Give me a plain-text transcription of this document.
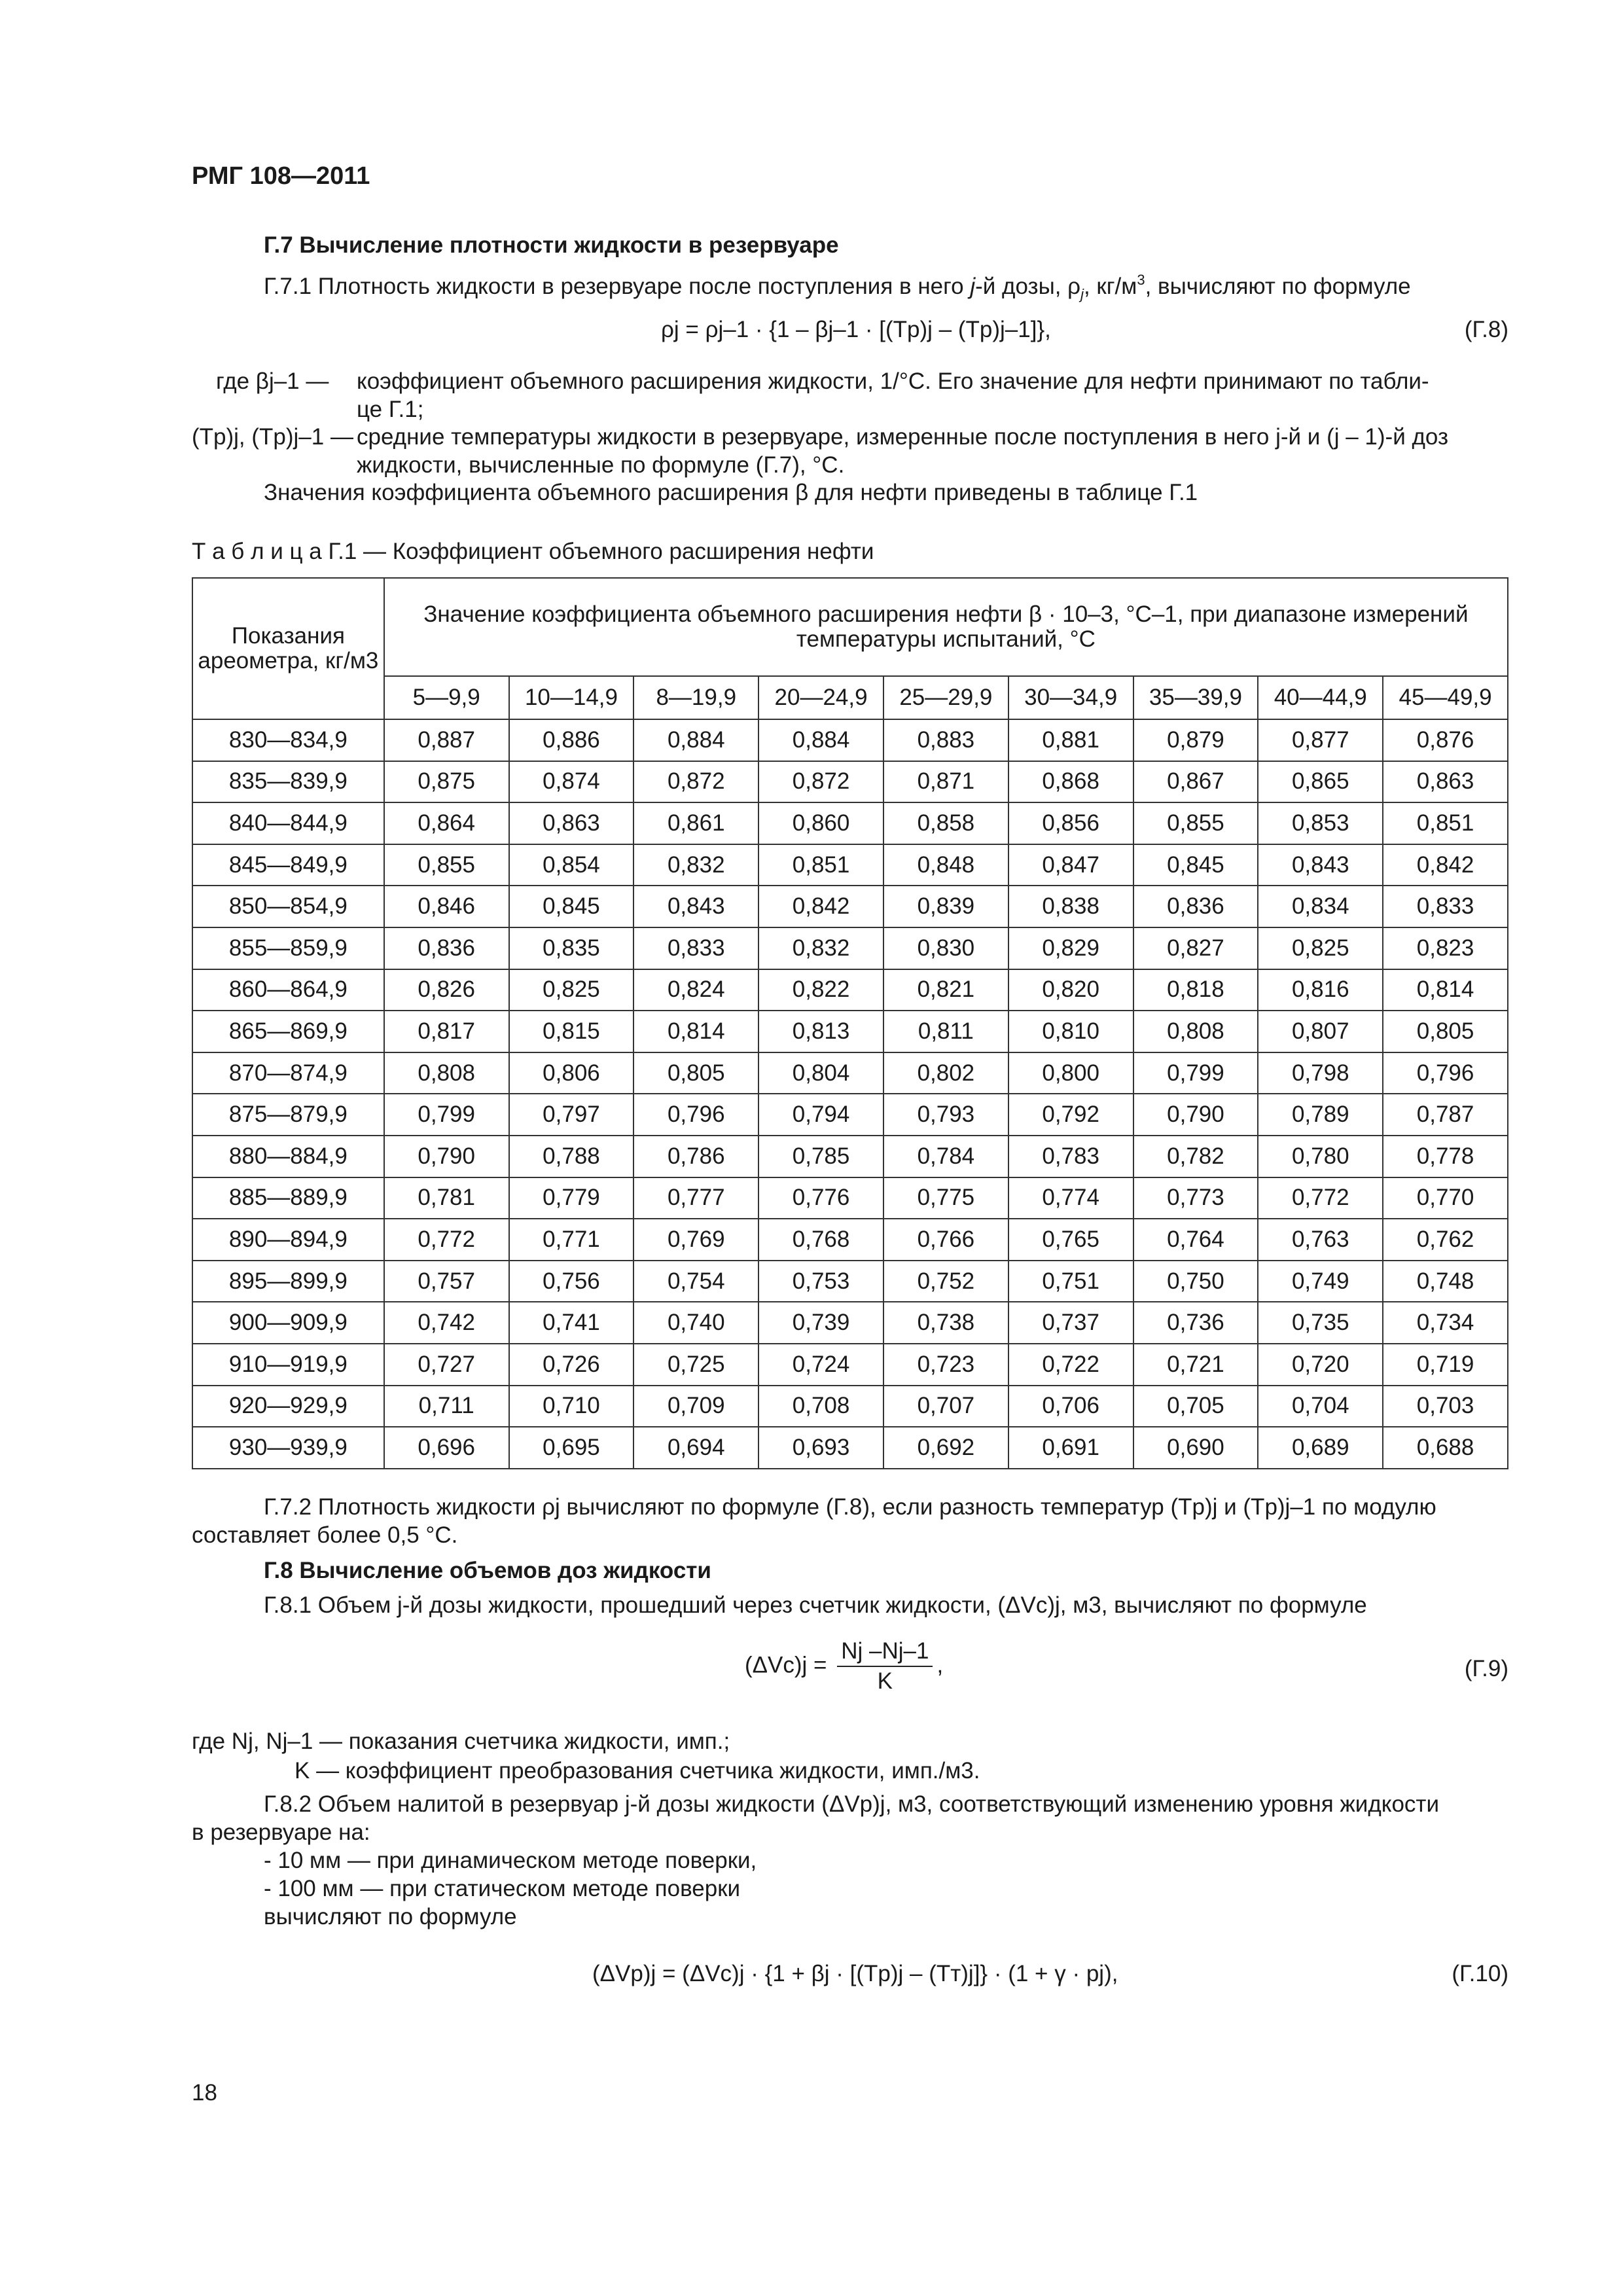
РМГ 108—2011
Г.7 Вычисление плотности жидкости в резервуаре
Г.7.1 Плотность жидкости в резервуаре после поступления в него j-й дозы, $\rho_j$, $кг/м^3$, вычисляют по формуле
ρj = ρj–1 · {1 – βj–1 · [(Tр)j – (Tр)j–1]},	(Г.8)
где βj–1 — коэффициент объемного расширения жидкости, 1/°С. Его значение для нефти принимают по табли-
це Г.1;
(Tр)j, (Tр)j–1 — средние температуры жидкости в резервуаре, измеренные после поступления в него j-й и (j – 1)-й доз
жидкости, вычисленные по формуле (Г.7), °С.
Значения коэффициента объемного расширения β для нефти приведены в таблице Г.1
Т а б л и ц а Г.1 — Коэффициент объемного расширения нефти
Показания ареометра, кг/м3	Значение коэффициента объемного расширения нефти β · 10–3, °С–1, при диапазоне измерений температуры испытаний, °С								
	5—9,9	10—14,9	8—19,9	20—24,9	25—29,9	30—34,9	35—39,9	40—44,9	45—49,9
830—834,9	0,887	0,886	0,884	0,884	0,883	0,881	0,879	0,877	0,876
835—839,9	0,875	0,874	0,872	0,872	0,871	0,868	0,867	0,865	0,863
840—844,9	0,864	0,863	0,861	0,860	0,858	0,856	0,855	0,853	0,851
845—849,9	0,855	0,854	0,832	0,851	0,848	0,847	0,845	0,843	0,842
850—854,9	0,846	0,845	0,843	0,842	0,839	0,838	0,836	0,834	0,833
855—859,9	0,836	0,835	0,833	0,832	0,830	0,829	0,827	0,825	0,823
860—864,9	0,826	0,825	0,824	0,822	0,821	0,820	0,818	0,816	0,814
865—869,9	0,817	0,815	0,814	0,813	0,811	0,810	0,808	0,807	0,805
870—874,9	0,808	0,806	0,805	0,804	0,802	0,800	0,799	0,798	0,796
875—879,9	0,799	0,797	0,796	0,794	0,793	0,792	0,790	0,789	0,787
880—884,9	0,790	0,788	0,786	0,785	0,784	0,783	0,782	0,780	0,778
885—889,9	0,781	0,779	0,777	0,776	0,775	0,774	0,773	0,772	0,770
890—894,9	0,772	0,771	0,769	0,768	0,766	0,765	0,764	0,763	0,762
895—899,9	0,757	0,756	0,754	0,753	0,752	0,751	0,750	0,749	0,748
900—909,9	0,742	0,741	0,740	0,739	0,738	0,737	0,736	0,735	0,734
910—919,9	0,727	0,726	0,725	0,724	0,723	0,722	0,721	0,720	0,719
920—929,9	0,711	0,710	0,709	0,708	0,707	0,706	0,705	0,704	0,703
930—939,9	0,696	0,695	0,694	0,693	0,692	0,691	0,690	0,689	0,688
Г.7.2 Плотность жидкости ρj вычисляют по формуле (Г.8), если разность температур (Tр)j и (Tр)j–1 по модулю
составляет более 0,5 °С.
Г.8 Вычисление объемов доз жидкости
Г.8.1 Объем j-й дозы жидкости, прошедший через счетчик жидкости, (ΔVс)j, м3, вычисляют по формуле
$(\Delta Vс)j = \frac{Nj -Nj-1}{K}$ ,	(Г.9)
где Nj, Nj–1 — показания счетчика жидкости, имп.;
K — коэффициент преобразования счетчика жидкости, имп./м3.
Г.8.2 Объем налитой в резервуар j-й дозы жидкости (ΔVр)j, м3, соответствующий изменению уровня жидкости
в резервуаре на:
- 10 мм — при динамическом методе поверки,
- 100 мм — при статическом методе поверки
вычисляют по формуле
(ΔVр)j = (ΔVс)j · {1 + βj · [(Tр)j – (Tт)j]} · (1 + γ · pj),	(Г.10)
18
